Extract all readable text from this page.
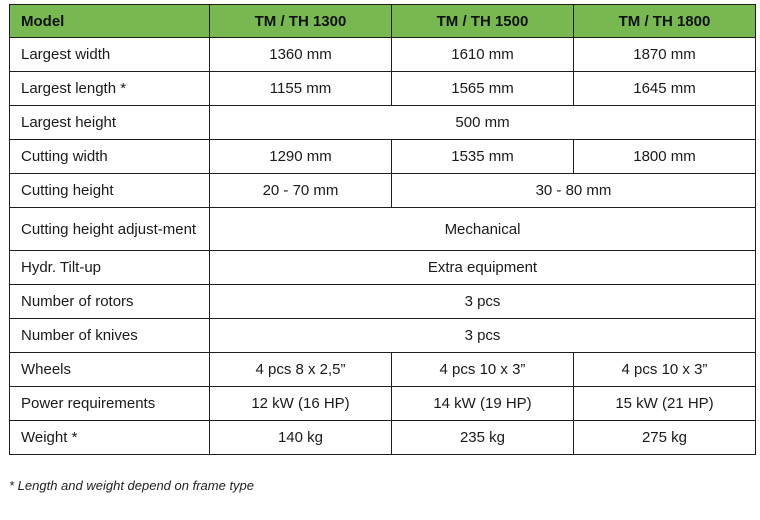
Model	TM / TH 1300	TM / TH 1500	TM / TH 1800
Largest width	1360 mm	1610 mm	1870 mm
Largest length *	1155 mm	1565 mm	1645 mm
Largest height	500 mm		
Cutting width	1290 mm	1535 mm	1800 mm
Cutting height	20 - 70 mm	30 - 80 mm	
Cutting height adjust-ment	Mechanical		
Hydr. Tilt-up	Extra equipment		
Number of rotors	3 pcs		
Number of knives	3 pcs		
Wheels	4 pcs 8 x 2,5”	4 pcs 10 x 3”	4 pcs 10 x 3”
Power requirements	12 kW (16 HP)	14 kW (19 HP)	15 kW (21 HP)
Weight *	140 kg	235 kg	275 kg
* Length and weight depend on frame type
